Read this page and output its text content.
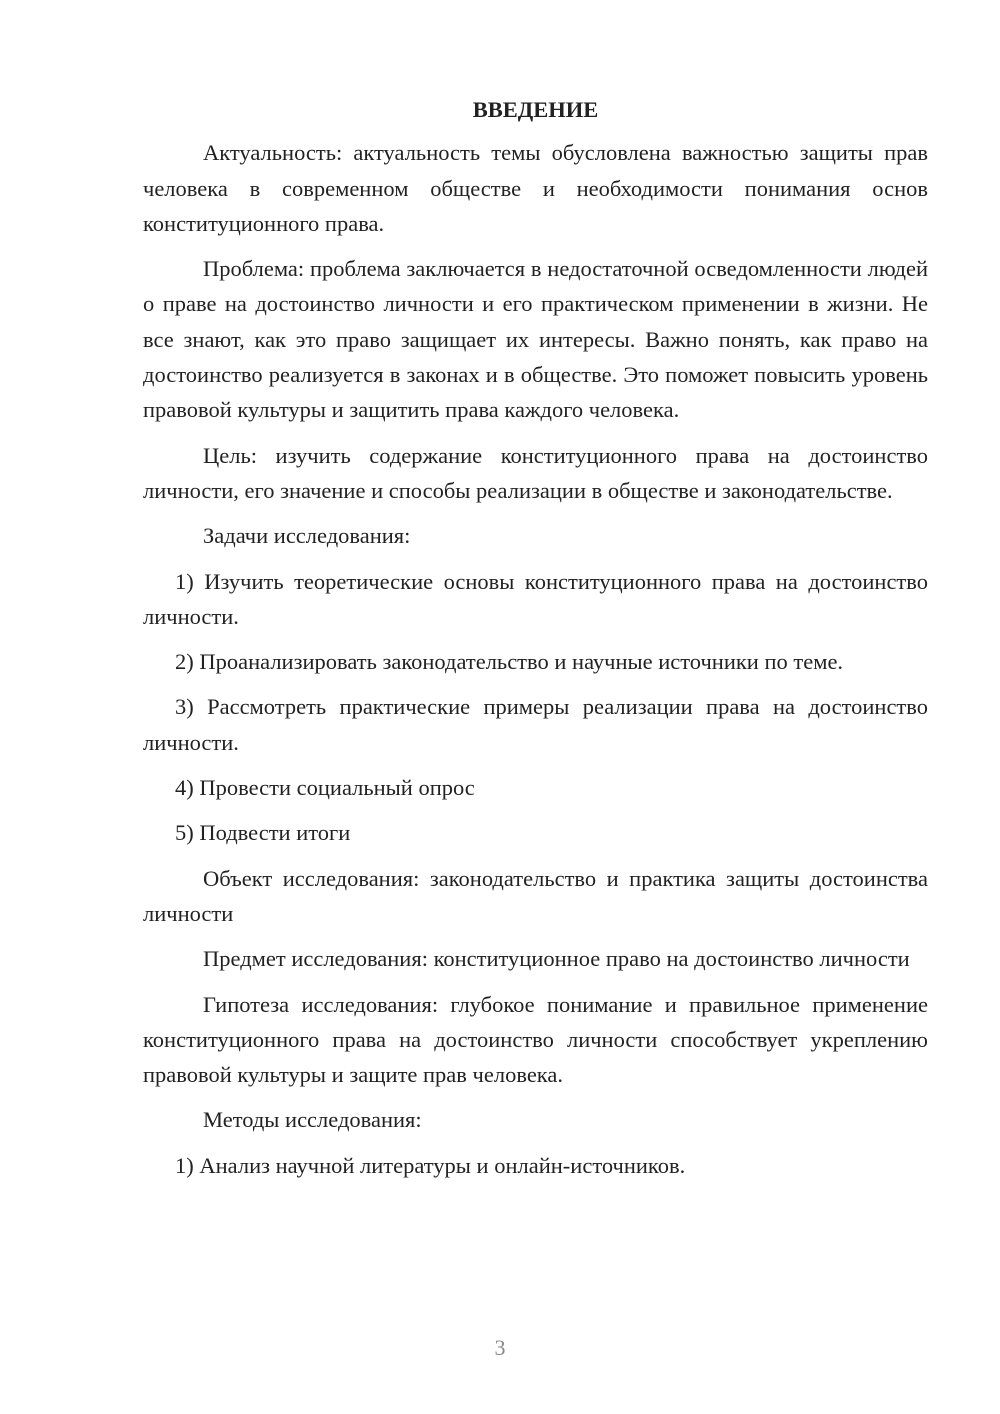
ВВЕДЕНИЕ

Актуальность: актуальность темы обусловлена важностью защиты прав человека в современном обществе и необходимости понимания основ конституционного права.

Проблема: проблема заключается в недостаточной осведомленности людей о праве на достоинство личности и его практическом применении в жизни. Не все знают, как это право защищает их интересы. Важно понять, как право на достоинство реализуется в законах и в обществе. Это поможет повысить уровень правовой культуры и защитить права каждого человека.

Цель: изучить содержание конституционного права на достоинство личности, его значение и способы реализации в обществе и законодательстве.

Задачи исследования:

1) Изучить теоретические основы конституционного права на достоинство личности.

2) Проанализировать законодательство и научные источники по теме.

3) Рассмотреть практические примеры реализации права на достоинство личности.

4) Провести социальный опрос

5) Подвести итоги

Объект исследования: законодательство и практика защиты достоинства личности

Предмет исследования: конституционное право на достоинство личности

Гипотеза исследования: глубокое понимание и правильное применение конституционного права на достоинство личности способствует укреплению правовой культуры и защите прав человека.

Методы исследования:

1) Анализ научной литературы и онлайн-источников.

3
